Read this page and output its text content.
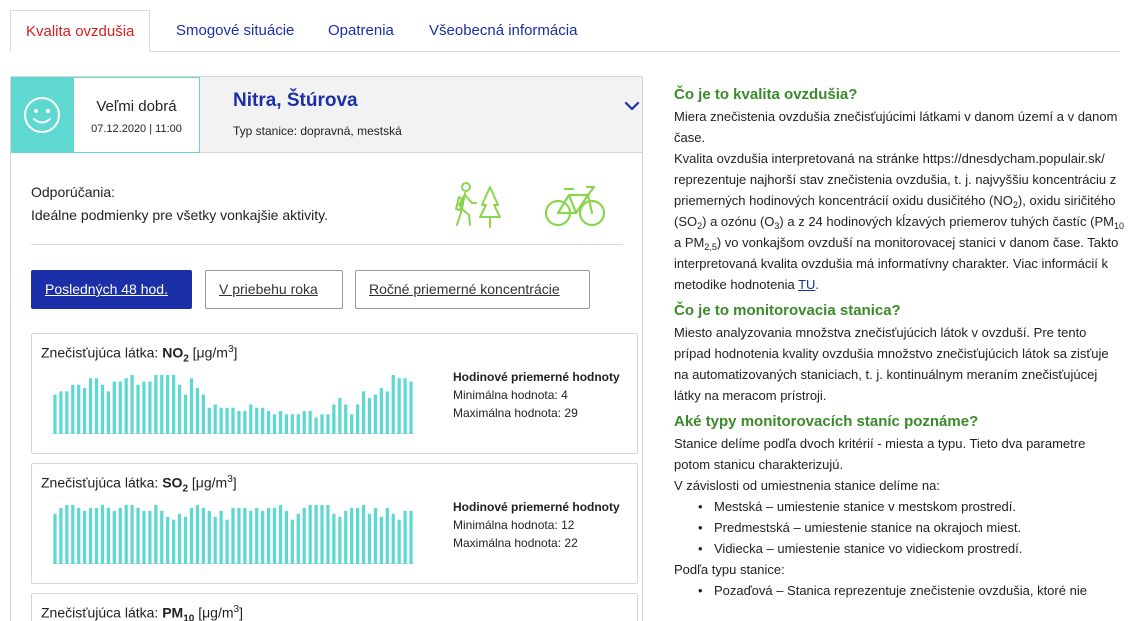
Kvalita ovzdušia	Smogové situácie Opatrenia Všeobecná informácia
Veľmi dobrá
07.12.2020 | 11:00
Nitra, Štúrova
Typ stanice: dopravná, mestská
Odporúčania:
Ideálne podmienky pre všetky vonkajšie aktivity.
Posledných 48 hod.	V priebehu roka	Ročné priemerné koncentrácie
Znečisťujúca látka: $NO_2$ $[\mu g/m^3]$
Hodinové priemerné hodnoty
Minimálna hodnota: 4
Maximálna hodnota: 29
Znečisťujúca látka: $SO_2$ $[\mu g/m^3]$
Hodinové priemerné hodnoty
Minimálna hodnota: 12
Maximálna hodnota: 22
Znečisťujúca látka: $PM_{10}$ $[\mu g/m^3]$
Čo je to kvalita ovzdušia?

Miera znečistenia ovzdušia znečisťujúcimi látkami v danom území a v danom čase.

Kvalita ovzdušia interpretovaná na stránke https://dnesdycham.populair.sk/ reprezentuje najhorší stav znečistenia ovzdušia, t. j. najvyššiu koncentráciu z priemerných hodinových koncentrácií oxidu dusičitého $(NO_2)$, oxidu siričitého $(SO_2)$ a ozónu $(O_3)$ a z 24 hodinových kĺzavých priemerov tuhých častíc ($PM_{10}$ a $PM_{2,5}$) vo vonkajšom ovzduší na monitorovacej stanici v danom čase. Takto interpretovaná kvalita ovzdušia má informatívny charakter. Viac informácií k metodike hodnotenia TU.

Čo je to monitorovacia stanica?

Miesto analyzovania množstva znečisťujúcich látok v ovzduší. Pre tento prípad hodnotenia kvality ovzdušia množstvo znečisťujúcich látok sa zisťuje na automatizovaných staniciach, t. j. kontinuálnym meraním znečisťujúcej látky na meracom prístroji.

Aké typy monitorovacích staníc poznáme?

Stanice delíme podľa dvoch kritérií - miesta a typu. Tieto dva parametre potom stanicu charakterizujú.

V závislosti od umiestnenia stanice delíme na:

• Mestská – umiestenie stanice v mestskom prostredí.
• Predmestská – umiestenie stanice na okrajoch miest.
• Vidiecka – umiestenie stanice vo vidieckom prostredí.

Podľa typu stanice:

• Pozaďová – Stanica reprezentuje znečistenie ovzdušia, ktoré nie
